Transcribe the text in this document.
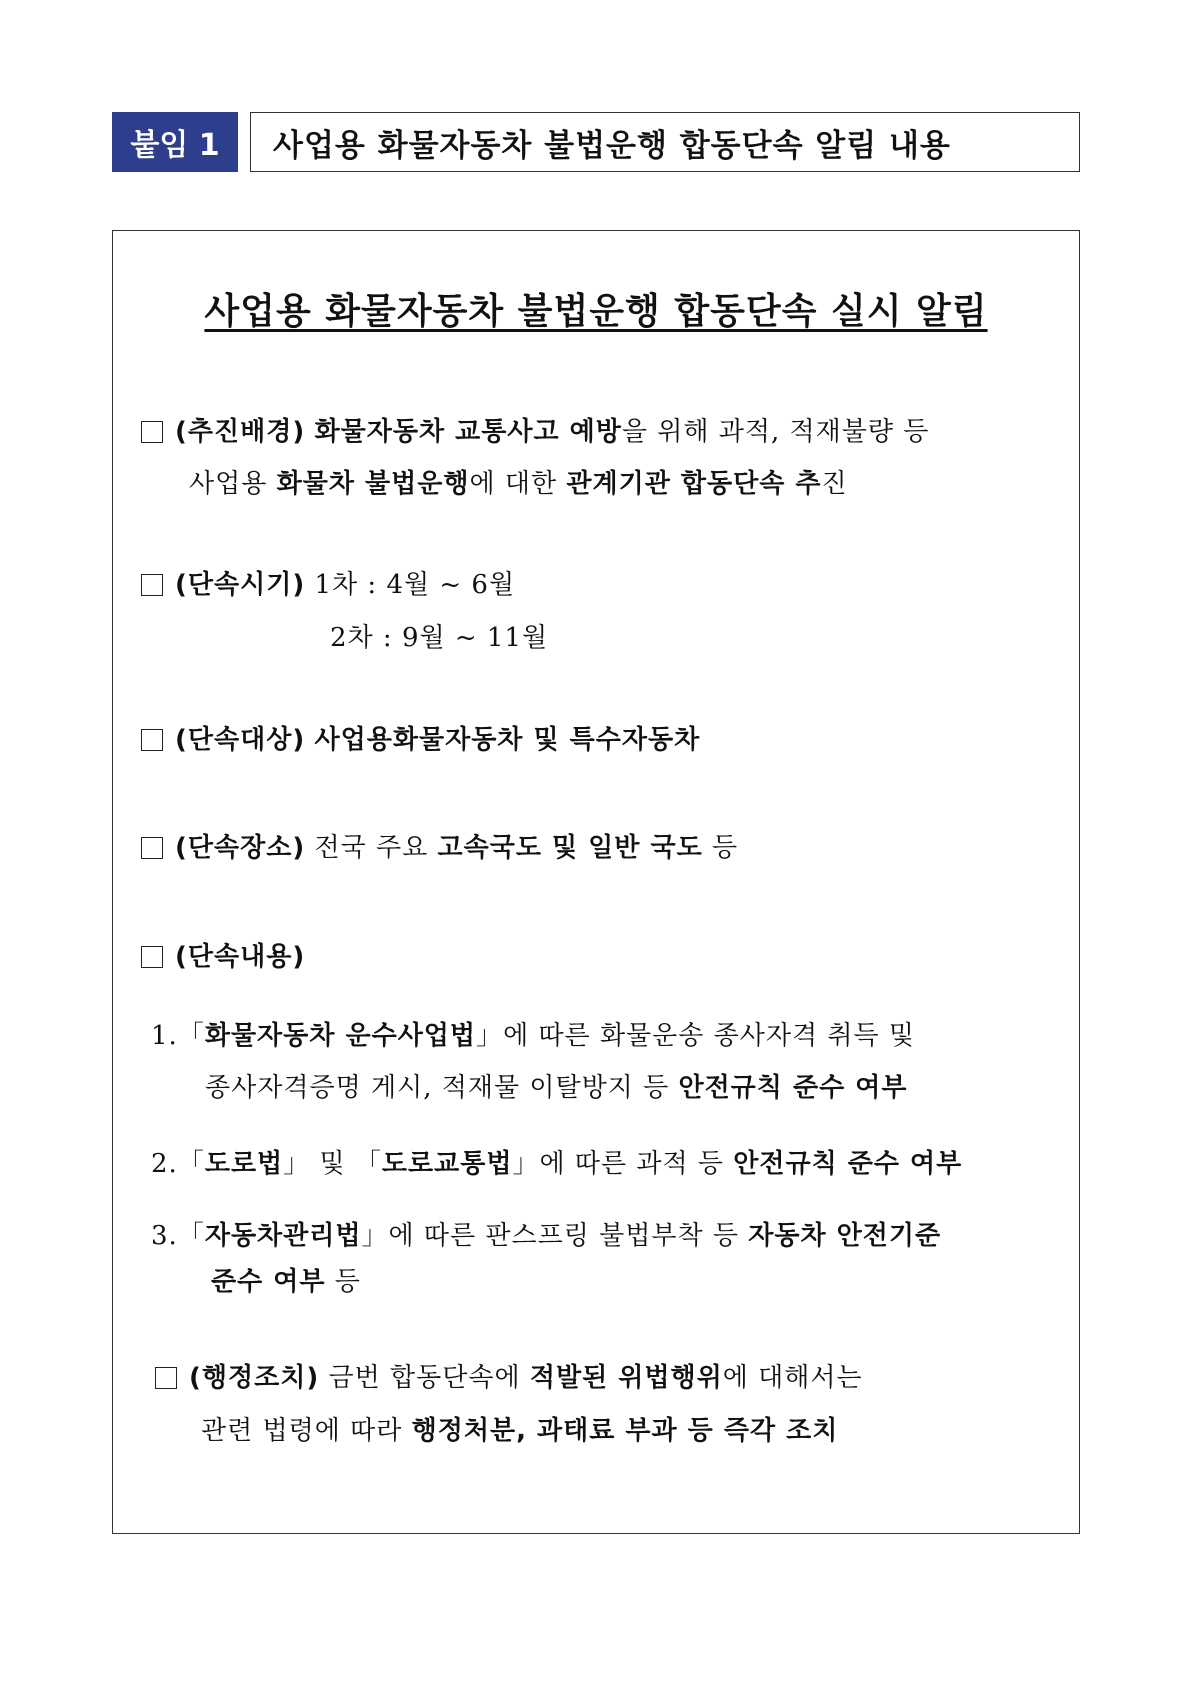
붙임 1	사업용 화물자동차 불법운행 합동단속 알림 내용
사업용 화물자동차 불법운행 합동단속 실시 알림
(추진배경) 화물자동차 교통사고 예방을 위해 과적, 적재불량 등
사업용 화물차 불법운행에 대한 관계기관 합동단속 추진
(단속시기) 1차 : 4월 ~ 6월
2차 : 9월 ~ 11월
(단속대상) 사업용화물자동차 및 특수자동차
(단속장소) 전국 주요 고속국도 및 일반 국도 등
(단속내용)
1.「화물자동차 운수사업법」에 따른 화물운송 종사자격 취득 및
종사자격증명 게시, 적재물 이탈방지 등 안전규칙 준수 여부
2.「도로법」 및 「도로교통법」에 따른 과적 등 안전규칙 준수 여부
3.「자동차관리법」에 따른 판스프링 불법부착 등 자동차 안전기준
준수 여부 등
(행정조치) 금번 합동단속에 적발된 위법행위에 대해서는
관련 법령에 따라 행정처분, 과태료 부과 등 즉각 조치
